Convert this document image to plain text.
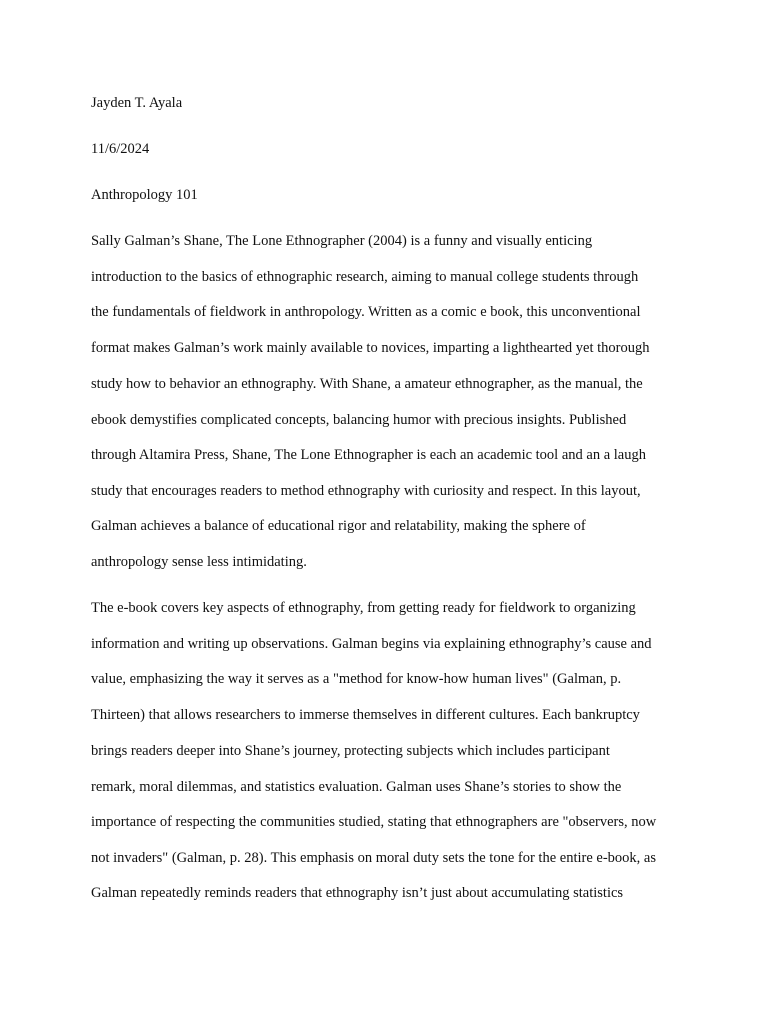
Jayden T. Ayala
11/6/2024
Anthropology 101
Sally Galman’s Shane, The Lone Ethnographer (2004) is a funny and visually enticing
introduction to the basics of ethnographic research, aiming to manual college students through
the fundamentals of fieldwork in anthropology. Written as a comic e book, this unconventional
format makes Galman’s work mainly available to novices, imparting a lighthearted yet thorough
study how to behavior an ethnography. With Shane, a amateur ethnographer, as the manual, the
ebook demystifies complicated concepts, balancing humor with precious insights. Published
through Altamira Press, Shane, The Lone Ethnographer is each an academic tool and an a laugh
study that encourages readers to method ethnography with curiosity and respect. In this layout,
Galman achieves a balance of educational rigor and relatability, making the sphere of
anthropology sense less intimidating.
The e-book covers key aspects of ethnography, from getting ready for fieldwork to organizing
information and writing up observations. Galman begins via explaining ethnography’s cause and
value, emphasizing the way it serves as a "method for know-how human lives" (Galman, p.
Thirteen) that allows researchers to immerse themselves in different cultures. Each bankruptcy
brings readers deeper into Shane’s journey, protecting subjects which includes participant
remark, moral dilemmas, and statistics evaluation. Galman uses Shane’s stories to show the
importance of respecting the communities studied, stating that ethnographers are "observers, now
not invaders" (Galman, p. 28). This emphasis on moral duty sets the tone for the entire e-book, as
Galman repeatedly reminds readers that ethnography isn’t just about accumulating statistics
